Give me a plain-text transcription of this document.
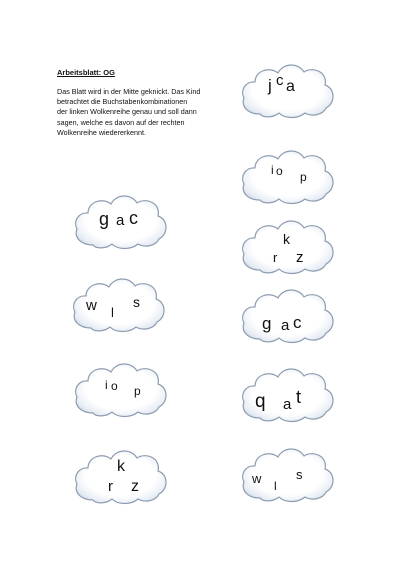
Arbeitsblatt: OG
Das Blatt wird in der Mitte geknickt. Das Kind
betrachtet die Buchstabenkombinationen
der linken Wolkenreihe genau und soll dann
sagen, welche es davon auf der rechten
Wolkenreihe wiedererkennt.
g a c
w l
s
i o p
k
r z
j c a
i o p
k
r z
g a c
q a t
w l
s
